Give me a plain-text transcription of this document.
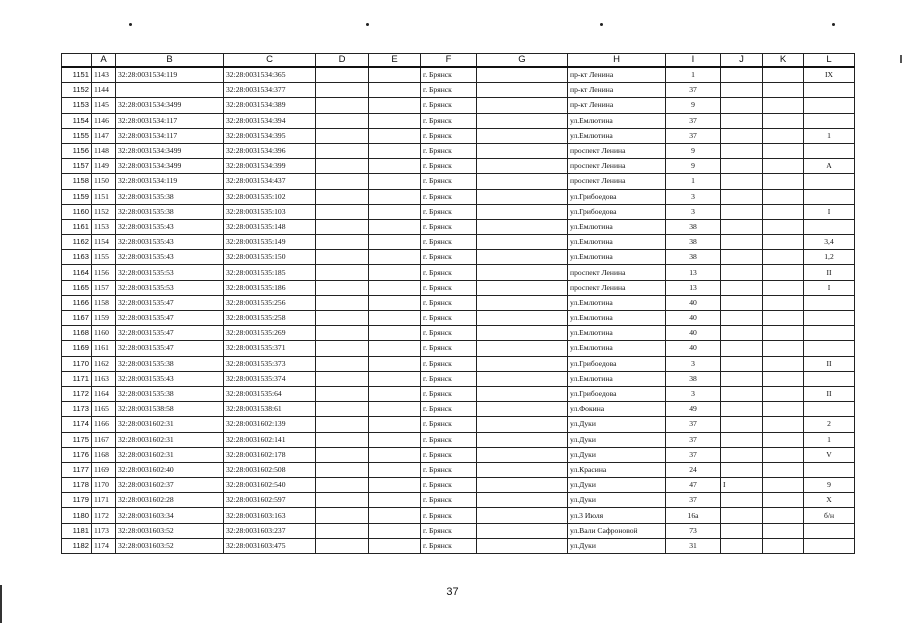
	A	B	C	D	E	F	G	H	I	J	K	L
1151	1143	32:28:0031534:119	32:28:0031534:365			г. Брянск		пр-кт Ленина	1			IX
1152	1144		32:28:0031534:377			г. Брянск		пр-кт Ленина	37			
1153	1145	32:28:0031534:3499	32:28:0031534:389			г. Брянск		пр-кт Ленина	9			
1154	1146	32:28:0031534:117	32:28:0031534:394			г. Брянск		ул.Емлютина	37			
1155	1147	32:28:0031534:117	32:28:0031534:395			г. Брянск		ул.Емлютина	37			1
1156	1148	32:28:0031534:3499	32:28:0031534:396			г. Брянск		проспект Ленина	9			
1157	1149	32:28:0031534:3499	32:28:0031534:399			г. Брянск		проспект Ленина	9			A
1158	1150	32:28:0031534:119	32:28:0031534:437			г. Брянск		проспект Ленина	1			
1159	1151	32:28:0031535:38	32:28:0031535:102			г. Брянск		ул.Грибоедова	3			
1160	1152	32:28:0031535:38	32:28:0031535:103			г. Брянск		ул.Грибоедова	3			I
1161	1153	32:28:0031535:43	32:28:0031535:148			г. Брянск		ул.Емлютина	38			
1162	1154	32:28:0031535:43	32:28:0031535:149			г. Брянск		ул.Емлютина	38			3,4
1163	1155	32:28:0031535:43	32:28:0031535:150			г. Брянск		ул.Емлютина	38			1,2
1164	1156	32:28:0031535:53	32:28:0031535:185			г. Брянск		проспект Ленина	13			II
1165	1157	32:28:0031535:53	32:28:0031535:186			г. Брянск		проспект Ленина	13			I
1166	1158	32:28:0031535:47	32:28:0031535:256			г. Брянск		ул.Емлютина	40			
1167	1159	32:28:0031535:47	32:28:0031535:258			г. Брянск		ул.Емлютина	40			
1168	1160	32:28:0031535:47	32:28:0031535:269			г. Брянск		ул.Емлютина	40			
1169	1161	32:28:0031535:47	32:28:0031535:371			г. Брянск		ул.Емлютина	40			
1170	1162	32:28:0031535:38	32:28:0031535:373			г. Брянск		ул.Грибоедова	3			II
1171	1163	32:28:0031535:43	32:28:0031535:374			г. Брянск		ул.Емлютина	38			
1172	1164	32:28:0031535:38	32:28:0031535:64			г. Брянск		ул.Грибоедова	3			II
1173	1165	32:28:0031538:58	32:28:0031538:61			г. Брянск		ул.Фокина	49			
1174	1166	32:28:0031602:31	32:28:0031602:139			г. Брянск		ул.Дуки	37			2
1175	1167	32:28:0031602:31	32:28:0031602:141			г. Брянск		ул.Дуки	37			1
1176	1168	32:28:0031602:31	32:28:0031602:178			г. Брянск		ул.Дуки	37			V
1177	1169	32:28:0031602:40	32:28:0031602:508			г. Брянск		ул.Красина	24			
1178	1170	32:28:0031602:37	32:28:0031602:540			г. Брянск		ул.Дуки	47	I		9
1179	1171	32:28:0031602:28	32:28:0031602:597			г. Брянск		ул.Дуки	37			X
1180	1172	32:28:0031603:34	32:28:0031603:163			г. Брянск		ул.3 Июля	16а			б/н
1181	1173	32:28:0031603:52	32:28:0031603:237			г. Брянск		ул.Вали Сафроновой	73			
1182	1174	32:28:0031603:52	32:28:0031603:475			г. Брянск		ул.Дуки	31			
37
